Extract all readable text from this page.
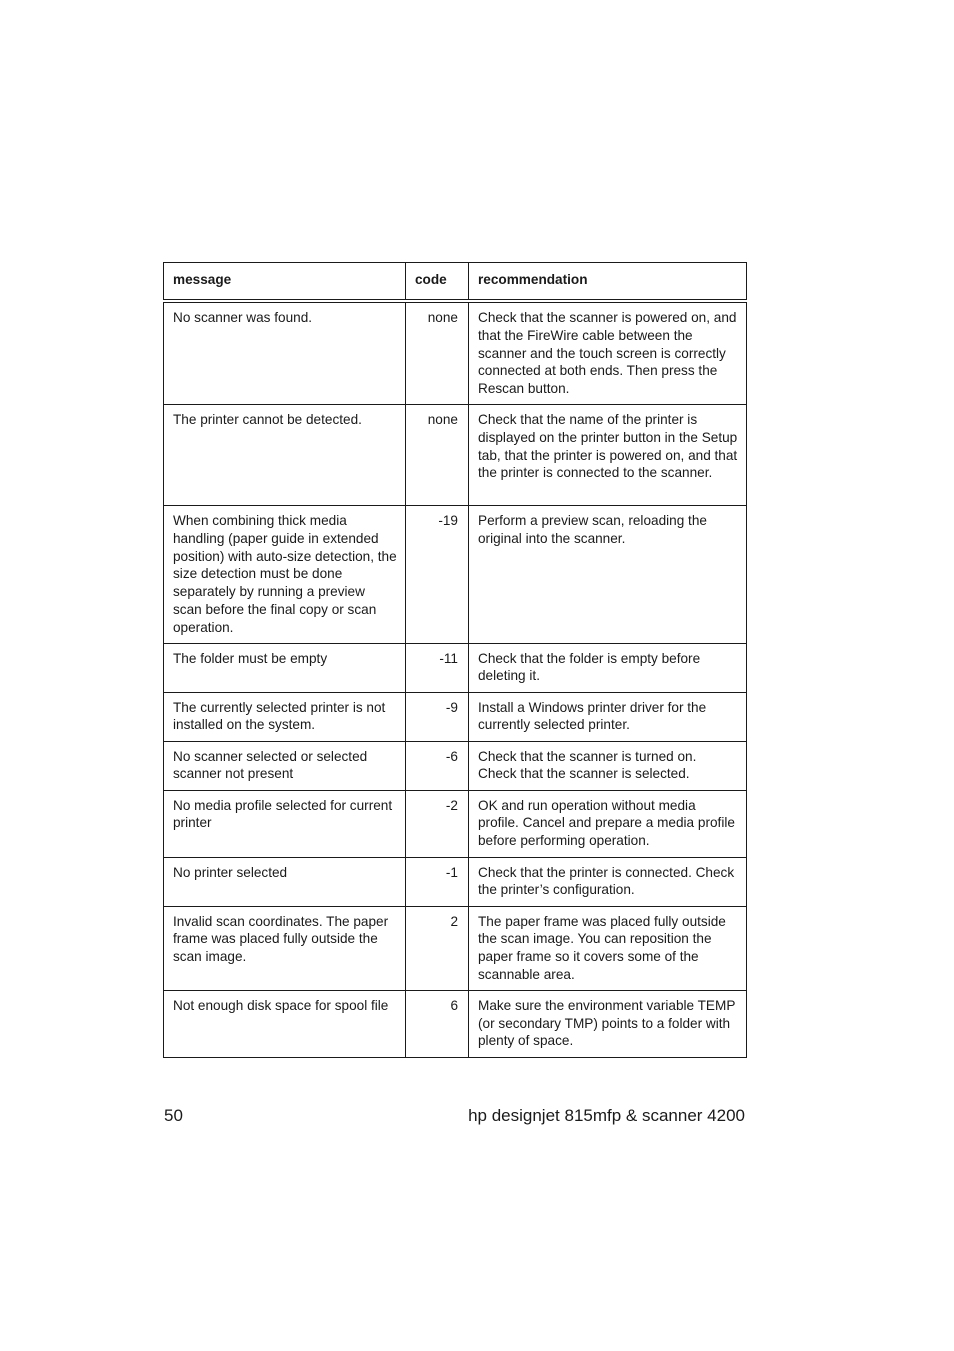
message	code	recommendation
No scanner was found.	none	Check that the scanner is powered on, and that the FireWire cable between the scanner and the touch screen is correctly connected at both ends. Then press the Rescan button.
The printer cannot be detected.	none	Check that the name of the printer is displayed on the printer button in the Setup tab, that the printer is powered on, and that the printer is connected to the scanner.
When combining thick media handling (paper guide in extended position) with auto-size detection, the size detection must be done separately by running a preview scan before the final copy or scan operation.	-19	Perform a preview scan, reloading the original into the scanner.
The folder must be empty	-11	Check that the folder is empty before deleting it.
The currently selected printer is not installed on the system.	-9	Install a Windows printer driver for the currently selected printer.
No scanner selected or selected scanner not present	-6	Check that the scanner is turned on. Check that the scanner is selected.
No media profile selected for current printer	-2	OK and run operation without media profile. Cancel and prepare a media profile before performing operation.
No printer selected	-1	Check that the printer is connected. Check the printer’s configuration.
Invalid scan coordinates. The paper frame was placed fully outside the scan image.	2	The paper frame was placed fully outside the scan image. You can reposition the paper frame so it covers some of the scannable area.
Not enough disk space for spool file	6	Make sure the environment variable TEMP (or secondary TMP) points to a folder with plenty of space.
50	hp designjet 815mfp & scanner 4200
